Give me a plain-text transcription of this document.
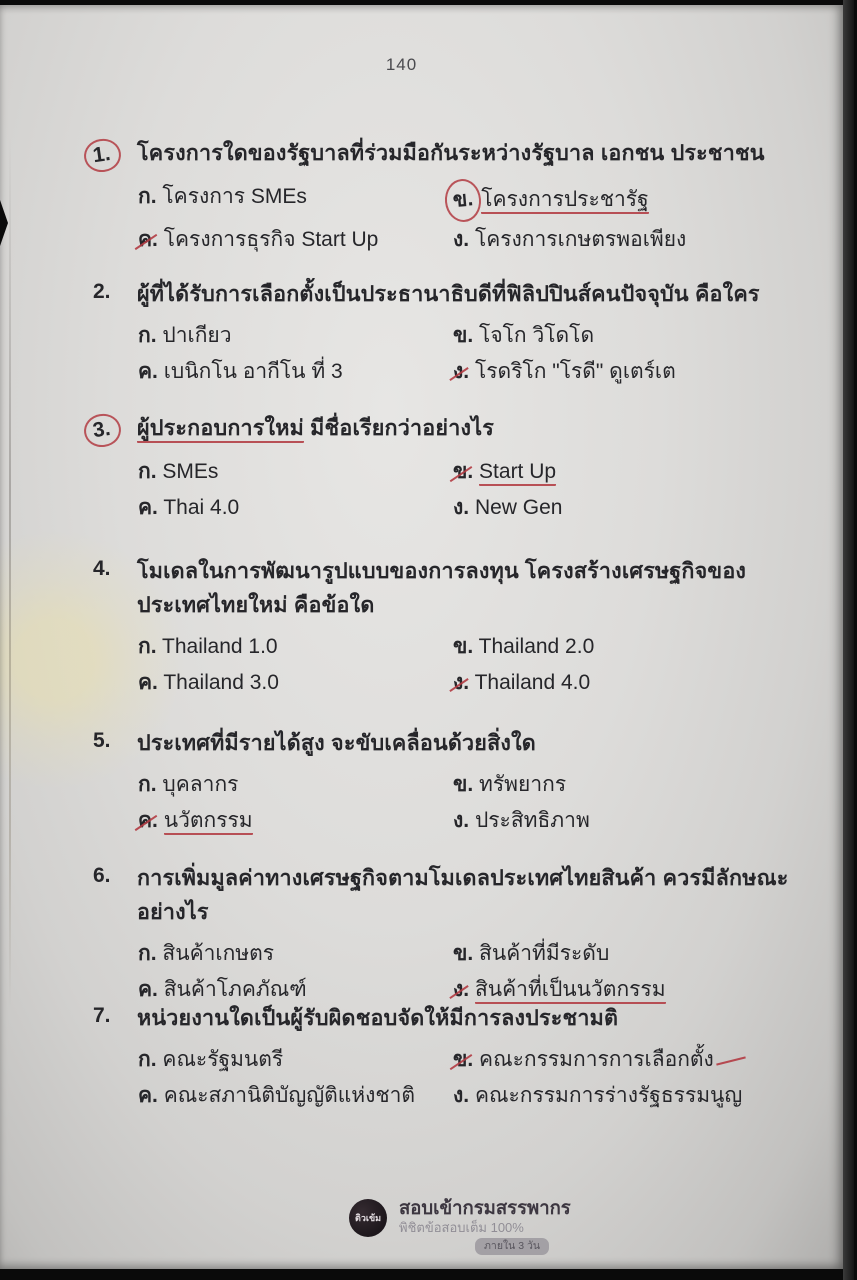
140
1.	โครงการใดของรัฐบาลที่ร่วมมือกันระหว่างรัฐบาล เอกชน ประชาชน
ก. โครงการ SMEs	ข. โครงการประชารัฐ
ค. โครงการธุรกิจ Start Up	ง. โครงการเกษตรพอเพียง
2.	ผู้ที่ได้รับการเลือกตั้งเป็นประธานาธิบดีที่ฟิลิปปินส์คนปัจจุบัน คือใคร
ก. ปาเกียว	ข. โจโก วิโดโด
ค. เบนิกโน อากีโน ที่ 3	ง. โรดริโก "โรดี" ดูเตร์เต
3.	ผู้ประกอบการใหม่ มีชื่อเรียกว่าอย่างไร
ก. SMEs	ข. Start Up
ค. Thai 4.0	ง. New Gen
4.	โมเดลในการพัฒนารูปแบบของการลงทุน โครงสร้างเศรษฐกิจของประเทศไทยใหม่ คือข้อใด
ก. Thailand 1.0	ข. Thailand 2.0
ค. Thailand 3.0	ง. Thailand 4.0
5.	ประเทศที่มีรายได้สูง จะขับเคลื่อนด้วยสิ่งใด
ก. บุคลากร	ข. ทรัพยากร
ค. นวัตกรรม	ง. ประสิทธิภาพ
6.	การเพิ่มมูลค่าทางเศรษฐกิจตามโมเดลประเทศไทยสินค้า ควรมีลักษณะอย่างไร
ก. สินค้าเกษตร	ข. สินค้าที่มีระดับ
ค. สินค้าโภคภัณฑ์	ง. สินค้าที่เป็นนวัตกรรม
7.	หน่วยงานใดเป็นผู้รับผิดชอบจัดให้มีการลงประชามติ
ก. คณะรัฐมนตรี	ข. คณะกรรมการการเลือกตั้ง
ค. คณะสภานิติบัญญัติแห่งชาติ	ง. คณะกรรมการร่างรัฐธรรมนูญ
ติวเข้ม สอบเข้ากรมสรรพากร
พิชิตข้อสอบเต็ม 100%
ภายใน 3 วัน
